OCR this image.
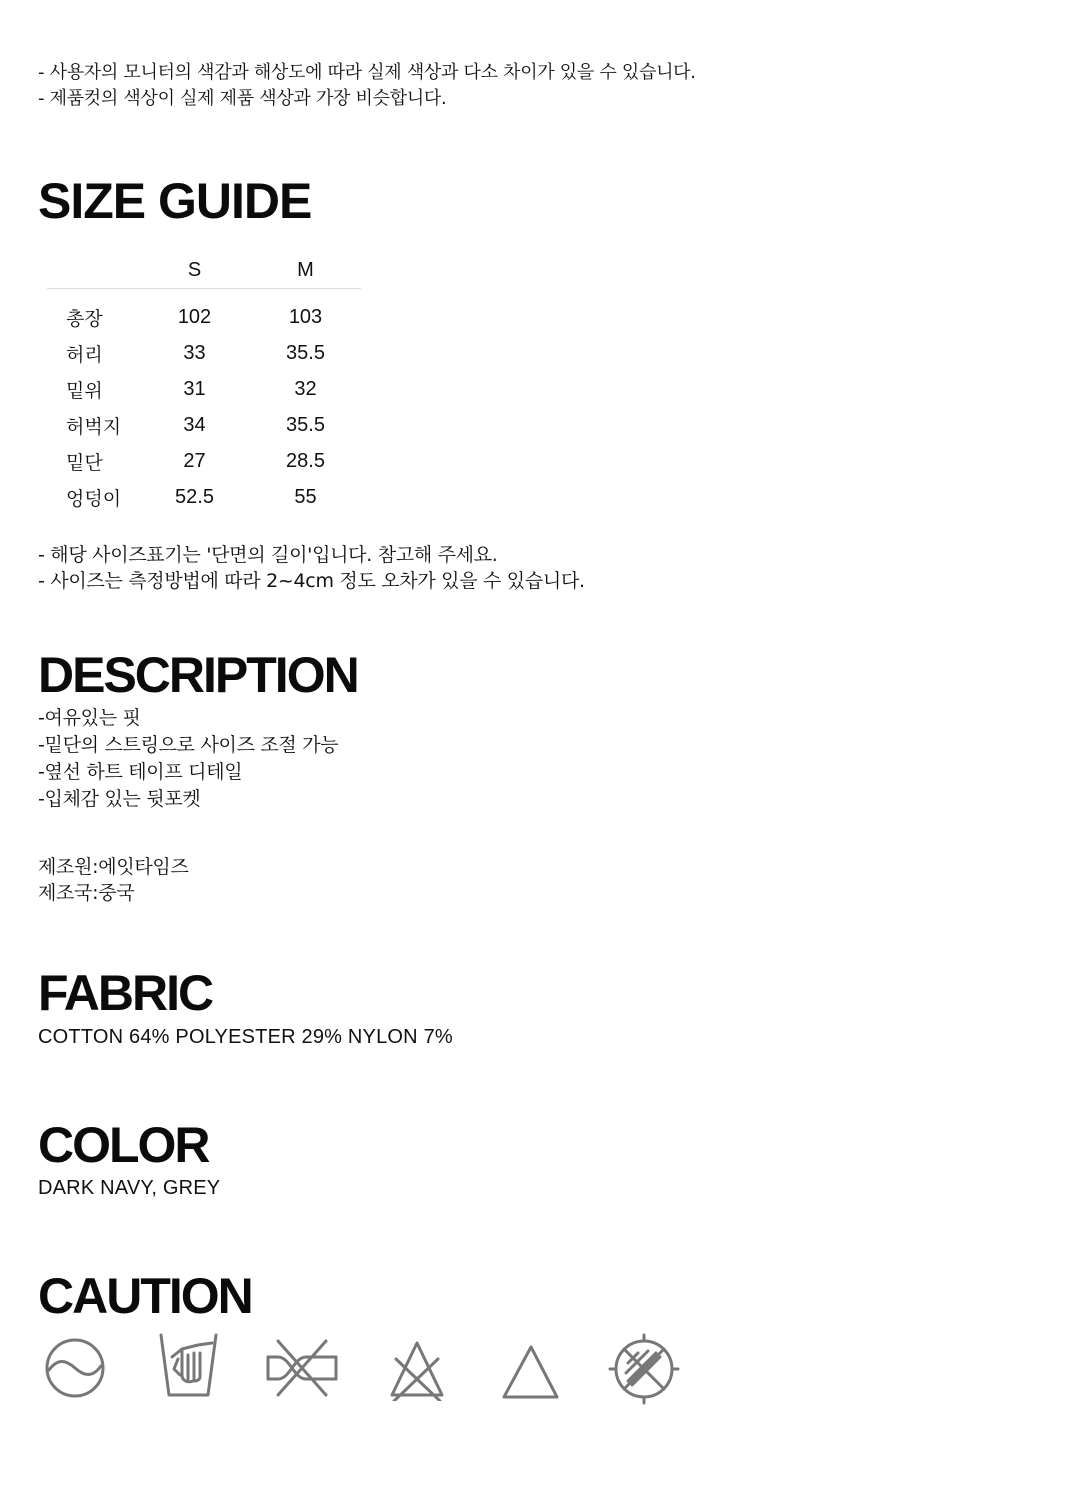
- 사용자의 모니터의 색감과 해상도에 따라 실제 색상과 다소 차이가 있을 수 있습니다.
- 제품컷의 색상이 실제 제품 색상과 가장 비슷합니다.
SIZE GUIDE
	S	M	
총장	102	103	
허리	33	35.5	
밑위	31	32	
허벅지	34	35.5	
밑단	27	28.5	
엉덩이	52.5	55	
- 해당 사이즈표기는 '단면의 길이'입니다. 참고해 주세요.
- 사이즈는 측정방법에 따라 2~4cm 정도 오차가 있을 수 있습니다.
DESCRIPTION
-여유있는 핏
-밑단의 스트링으로 사이즈 조절 가능
-옆선 하트 테이프 디테일
-입체감 있는 뒷포켓
제조원:에잇타임즈
제조국:중국
FABRIC
COTTON 64% POLYESTER 29% NYLON 7%
COLOR
DARK NAVY, GREY
CAUTION
